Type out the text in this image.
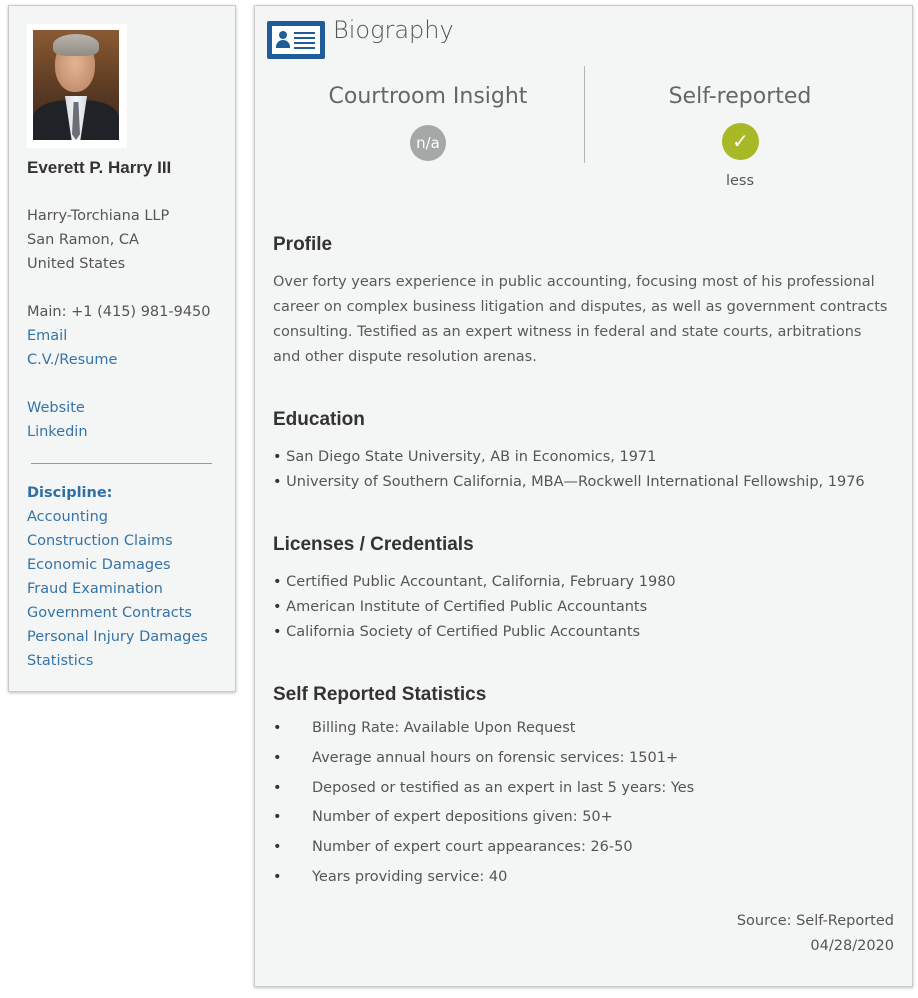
Everett P. Harry III
Harry-Torchiana LLP
San Ramon, CA
United States
Main: +1 (415) 981-9450
Email
C.V./Resume
Website
Linkedin
Discipline:
Accounting
Construction Claims
Economic Damages
Fraud Examination
Government Contracts
Personal Injury Damages
Statistics
Biography
Courtroom Insight
n/a
Self-reported
✓
less
Profile

Over forty years experience in public accounting, focusing most of his professional career on complex business litigation and disputes, as well as government contracts consulting. Testified as an expert witness in federal and state courts, arbitrations and other dispute resolution arenas.

Education
• San Diego State University, AB in Economics, 1971
• University of Southern California, MBA—Rockwell International Fellowship, 1976
Licenses / Credentials
• Certified Public Accountant, California, February 1980
• American Institute of Certified Public Accountants
• California Society of Certified Public Accountants
Self Reported Statistics
• Billing Rate: Available Upon Request
• Average annual hours on forensic services: 1501+
• Deposed or testified as an expert in last 5 years: Yes
• Number of expert depositions given: 50+
• Number of expert court appearances: 26-50
• Years providing service: 40
Source: Self-Reported
04/28/2020
